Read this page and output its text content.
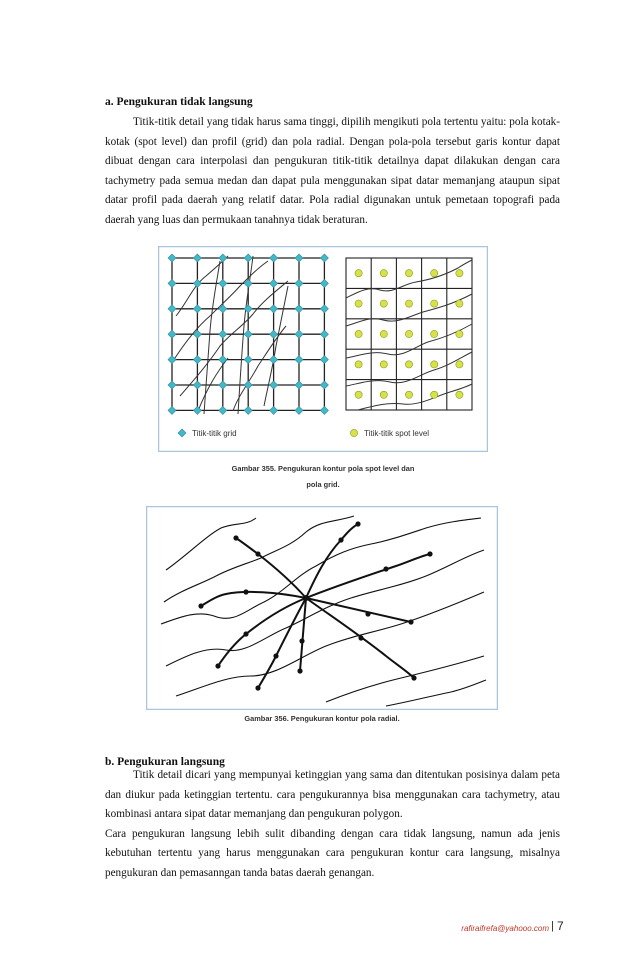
a. Pengukuran tidak langsung

Titik-titik detail yang tidak harus sama tinggi, dipilih mengikuti pola tertentu yaitu: pola kotak-kotak (spot level) dan profil (grid) dan pola radial. Dengan pola-pola tersebut garis kontur dapat dibuat dengan cara interpolasi dan pengukuran titik-titik detailnya dapat dilakukan dengan cara tachymetry pada semua medan dan dapat pula menggunakan sipat datar memanjang ataupun sipat datar profil pada daerah yang relatif datar. Pola radial digunakan untuk pemetaan topografi pada daerah yang luas dan permukaan tanahnya tidak beraturan.

Titik-titik grid	Titik-titik spot level
Gambar 355. Pengukuran kontur pola spot level dan
pola grid.
Gambar 356. Pengukuran kontur pola radial.
b. Pengukuran langsung

Titik detail dicari yang mempunyai ketinggian yang sama dan ditentukan posisinya dalam peta dan diukur pada ketinggian tertentu. cara pengukurannya bisa menggunakan cara tachymetry, atau kombinasi antara sipat datar memanjang dan pengukuran polygon.

Cara pengukuran langsung lebih sulit dibanding dengan cara tidak langsung, namun ada jenis kebutuhan tertentu yang harus menggunakan cara pengukuran kontur cara langsung, misalnya pengukuran dan pemasanngan tanda batas daerah genangan.

rafiraifrefa@yahooo.com | 7
